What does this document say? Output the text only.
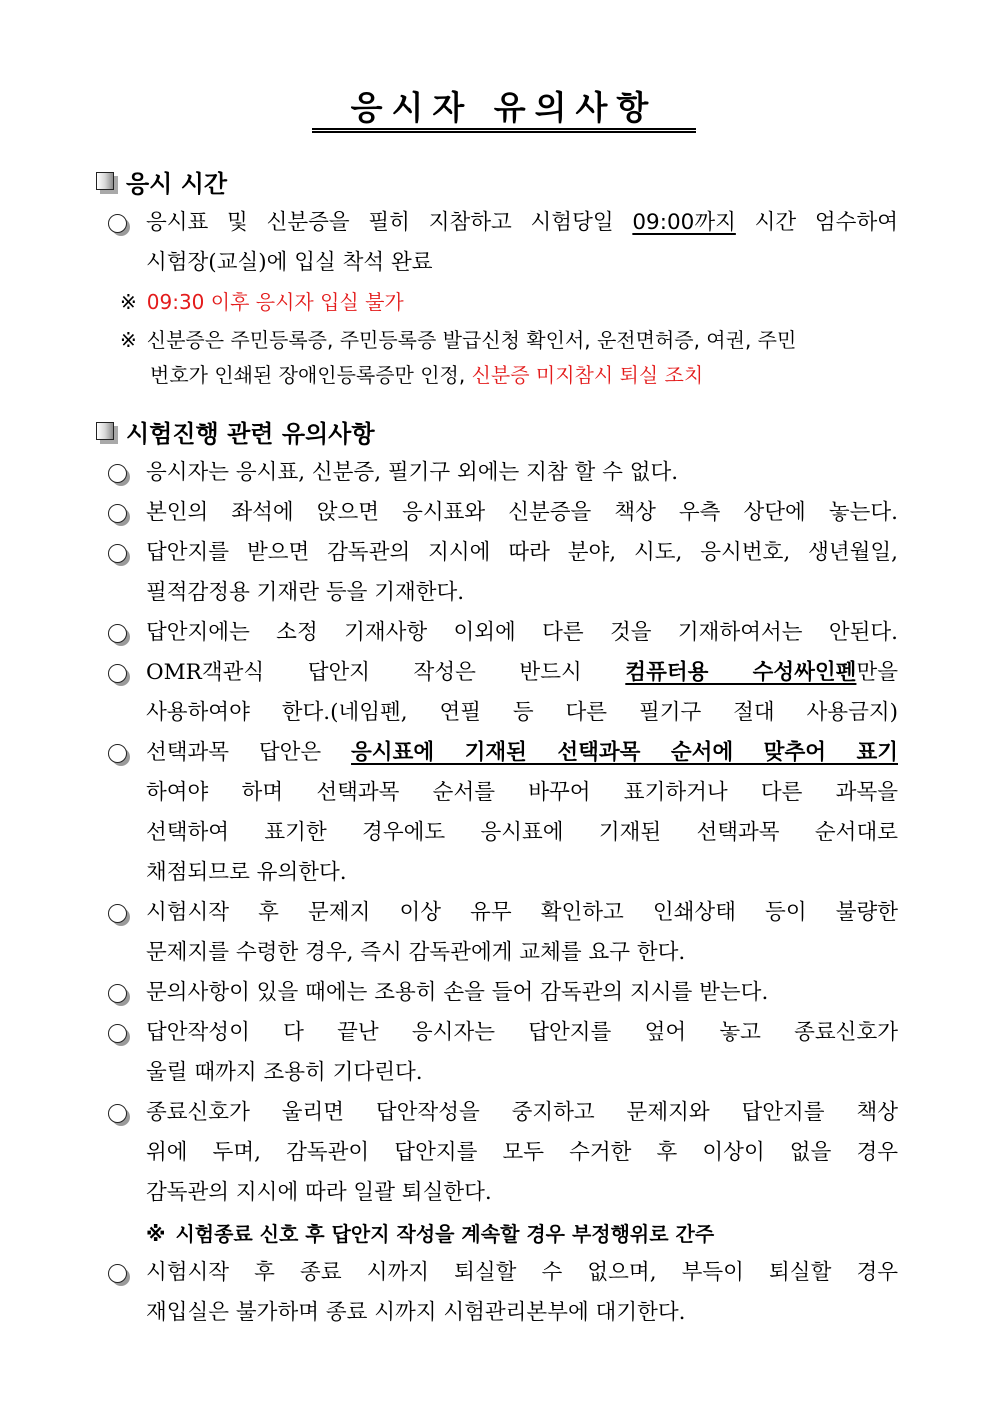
응시자 유의사항
응시 시간
응시표 및 신분증을 필히 지참하고 시험당일 09:00까지 시간 엄수하여
시험장(교실)에 입실 착석 완료
※ 09:30 이후 응시자 입실 불가
※ 신분증은 주민등록증, 주민등록증 발급신청 확인서, 운전면허증, 여권, 주민
번호가 인쇄된 장애인등록증만 인정, 신분증 미지참시 퇴실 조치
시험진행 관련 유의사항
응시자는 응시표, 신분증, 필기구 외에는 지참 할 수 없다.
본인의 좌석에 앉으면 응시표와 신분증을 책상 우측 상단에 놓는다.
답안지를 받으면 감독관의 지시에 따라 분야, 시도, 응시번호, 생년월일,
필적감정용 기재란 등을 기재한다.
답안지에는 소정 기재사항 이외에 다른 것을 기재하여서는 안된다.
OMR객관식 답안지 작성은 반드시 컴퓨터용 수성싸인펜만을
사용하여야 한다.(네임펜, 연필 등 다른 필기구 절대 사용금지)
선택과목 답안은 응시표에 기재된 선택과목 순서에 맞추어 표기
하여야 하며 선택과목 순서를 바꾸어 표기하거나 다른 과목을
선택하여 표기한 경우에도 응시표에 기재된 선택과목 순서대로
채점되므로 유의한다.
시험시작 후 문제지 이상 유무 확인하고 인쇄상태 등이 불량한
문제지를 수령한 경우, 즉시 감독관에게 교체를 요구 한다.
문의사항이 있을 때에는 조용히 손을 들어 감독관의 지시를 받는다.
답안작성이 다 끝난 응시자는 답안지를 엎어 놓고 종료신호가
울릴 때까지 조용히 기다린다.
종료신호가 울리면 답안작성을 중지하고 문제지와 답안지를 책상
위에 두며, 감독관이 답안지를 모두 수거한 후 이상이 없을 경우
감독관의 지시에 따라 일괄 퇴실한다.
※ 시험종료 신호 후 답안지 작성을 계속할 경우 부정행위로 간주
시험시작 후 종료 시까지 퇴실할 수 없으며, 부득이 퇴실할 경우
재입실은 불가하며 종료 시까지 시험관리본부에 대기한다.
